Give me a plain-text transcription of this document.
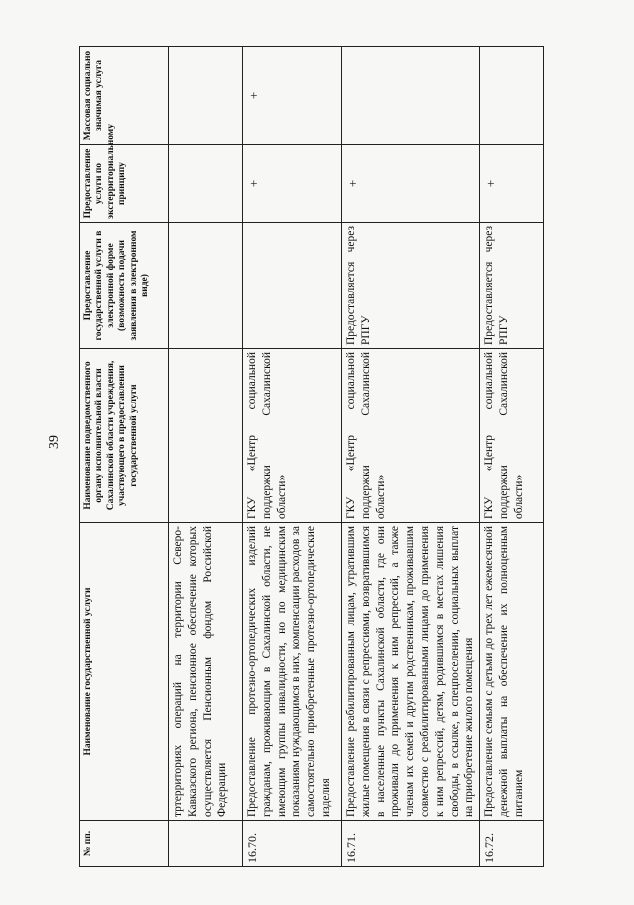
39
№ пп.	Наименование государственной услуги	Наименование подведомственного органу исполнительной власти Сахалинской области учреждения, участвующего в предоставлении государственной услуги	Предоставление государственной услуги в электронной форме (возможность подачи заявления в электронном виде)	Предоставление услуги по экстерриториальному принципу	Массовая социально значимая услуга
	тртерриториях операций на территории Северо-Кавказского региона, пенсионное обеспечение которых осуществляется Пенсионным фондом Российской Федерации				
16.70.	Предоставление протезно-ортопедических изделий гражданам, проживающим в Сахалинской области, не имеющим группы инвалидности, но по медицинским показаниям нуждающимся в них, компенсации расходов за самостоятельно приобретенные протезно-ортопедические изделия	ГКУ «Центр социальной поддержки Сахалинской области»		+	+
16.71.	Предоставление реабилитированным лицам, утратившим жилые помещения в связи с репрессиями, возвратившимся в населенные пункты Сахалинской области, где они проживали до применения к ним репрессий, а также членам их семей и другим родственникам, проживавшим совместно с реабилитированными лицами до применения к ним репрессий, детям, родившимся в местах лишения свободы, в ссылке, в спецпоселении, социальных выплат на приобретение жилого помещения	ГКУ «Центр социальной поддержки Сахалинской области»	Предоставляется через РПГУ	+	
16.72.	Предоставление семьям с детьми до трех лет ежемесячной денежной выплаты на обеспечение их полноценным питанием	ГКУ «Центр социальной поддержки Сахалинской области»	Предоставляется через РПГУ	+	
